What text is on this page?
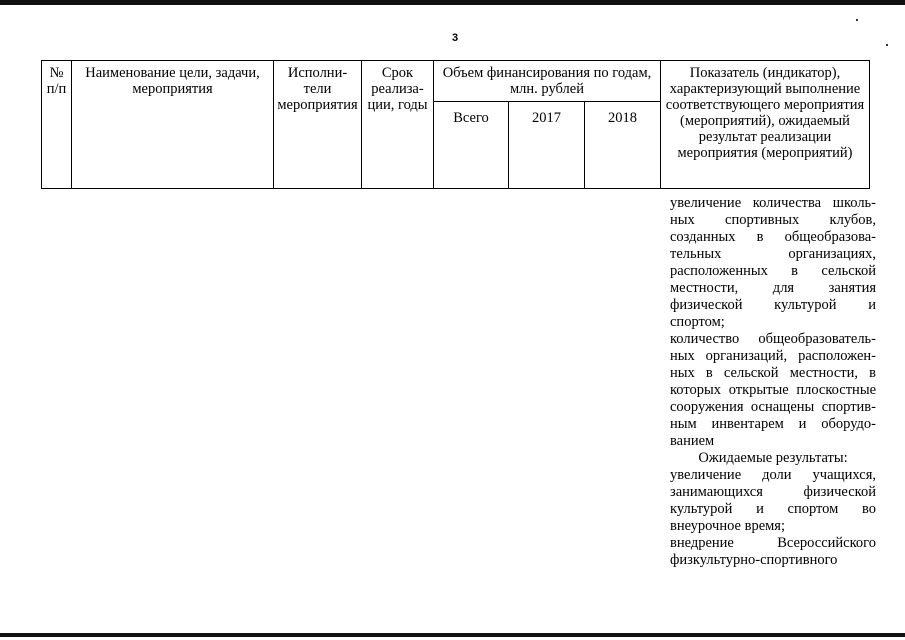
3
№ п/п	Наименование цели, задачи, мероприятия	Исполни- тели мероприятия	Срок реализа- ции, годы	Объем финансирования по годам, млн. рублей			Показатель (индикатор), характеризующий выполнение соответствующего мероприятия (мероприятий), ожидаемый результат реализации мероприятия (мероприятий)
				Всего	2017	2018	

увеличение количества школь- ных спортивных клубов, созданных в общеобразова- тельных организациях, расположенных в сельской местности, для занятия физической культурой и спортом;

количество общеобразователь- ных организаций, расположен- ных в сельской местности, в которых открытые плоскостные сооружения оснащены спортив- ным инвентарем и оборудо- ванием

Ожидаемые результаты:

увеличение доли учащихся, занимающихся физической культурой и спортом во внеурочное время;

внедрение Всероссийского физкультурно-спортивного
